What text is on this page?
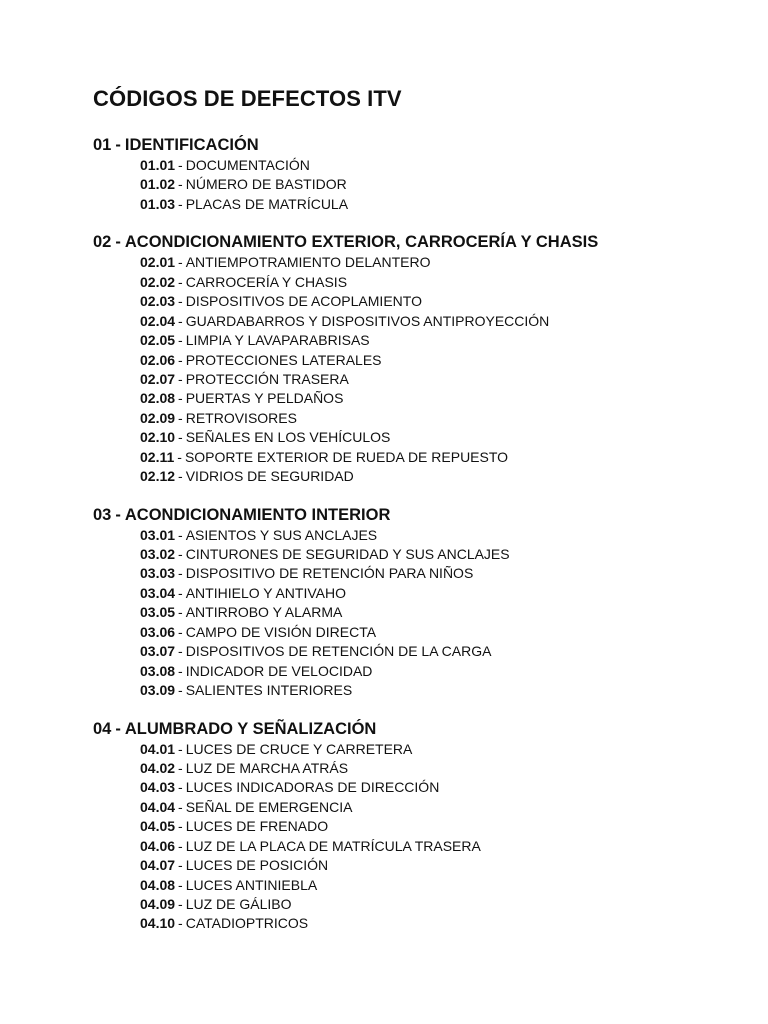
CÓDIGOS DE DEFECTOS ITV
01 - IDENTIFICACIÓN
01.01 - DOCUMENTACIÓN
01.02 - NÚMERO DE BASTIDOR
01.03 - PLACAS DE MATRÍCULA
02 - ACONDICIONAMIENTO EXTERIOR, CARROCERÍA Y CHASIS
02.01 - ANTIEMPOTRAMIENTO DELANTERO
02.02 - CARROCERÍA Y CHASIS
02.03 - DISPOSITIVOS DE ACOPLAMIENTO
02.04 - GUARDABARROS Y DISPOSITIVOS ANTIPROYECCIÓN
02.05 - LIMPIA Y LAVAPARABRISAS
02.06 - PROTECCIONES LATERALES
02.07 - PROTECCIÓN TRASERA
02.08 - PUERTAS Y PELDAÑOS
02.09 - RETROVISORES
02.10 - SEÑALES EN LOS VEHÍCULOS
02.11 - SOPORTE EXTERIOR DE RUEDA DE REPUESTO
02.12 - VIDRIOS DE SEGURIDAD
03 - ACONDICIONAMIENTO INTERIOR
03.01 - ASIENTOS Y SUS ANCLAJES
03.02 - CINTURONES DE SEGURIDAD Y SUS ANCLAJES
03.03 - DISPOSITIVO DE RETENCIÓN PARA NIÑOS
03.04 - ANTIHIELO Y ANTIVAHO
03.05 - ANTIRROBO Y ALARMA
03.06 - CAMPO DE VISIÓN DIRECTA
03.07 - DISPOSITIVOS DE RETENCIÓN DE LA CARGA
03.08 - INDICADOR DE VELOCIDAD
03.09 - SALIENTES INTERIORES
04 - ALUMBRADO Y SEÑALIZACIÓN
04.01 - LUCES DE CRUCE Y CARRETERA
04.02 - LUZ DE MARCHA ATRÁS
04.03 - LUCES INDICADORAS DE DIRECCIÓN
04.04 - SEÑAL DE EMERGENCIA
04.05 - LUCES DE FRENADO
04.06 - LUZ DE LA PLACA DE MATRÍCULA TRASERA
04.07 - LUCES DE POSICIÓN
04.08 - LUCES ANTINIEBLA
04.09 - LUZ DE GÁLIBO
04.10 - CATADIOPTRICOS
